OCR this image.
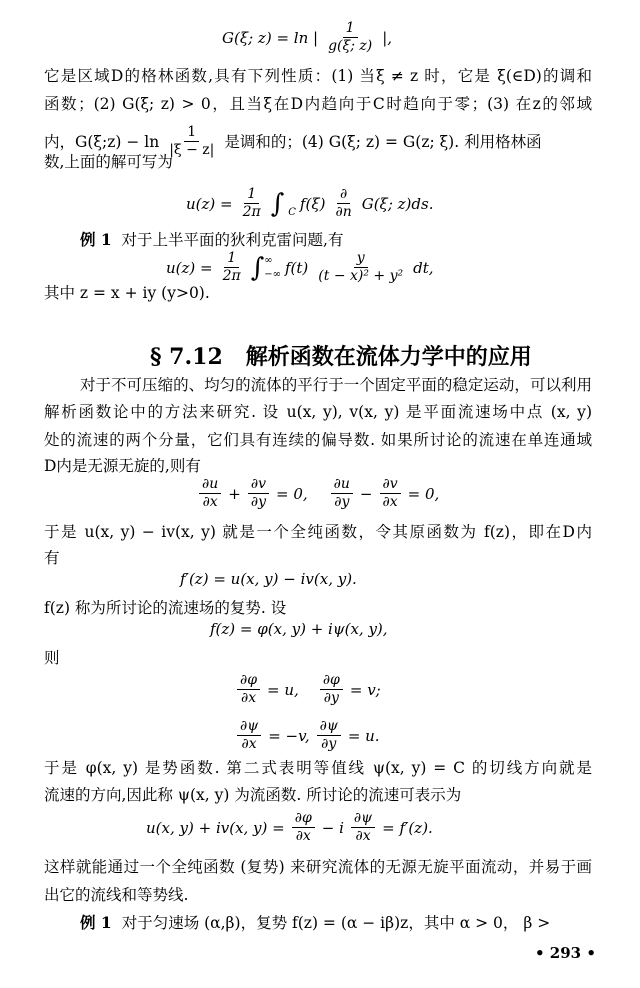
G(ξ; z) = ln | $\frac{1}{g(\xi; z)}$ |,
它是区域D的格林函数,具有下列性质：(1) 当ξ ≠ z 时，它是 ξ(∈D)的调和
函数；(2) G(ξ; z) > 0，且当ξ在D内趋向于C时趋向于零；(3) 在z的邻域
内，G(ξ;z) − $\ln \frac{1}{|\xi - z|}$ 是调和的；(4) G(ξ; z) = G(z; ξ). 利用格林函
数,上面的解可写为
$u(z) = \frac{1}{2\pi}$ ∫ $_C$ $f(\xi) \frac{\partial}{\partial n} G(\xi$; z)ds.
例 1 对于上半平面的狄利克雷问题,有
$u(z) = \frac{1}{2\pi}$ ∫ ∞
−∞ $f(t) \frac{y}{\text{(t − x)² + y²}}$ dt,
其中 z = x + iy (y>0).
§ 7.12 解析函数在流体力学中的应用
对于不可压缩的、均匀的流体的平行于一个固定平面的稳定运动，可以利用
解析函数论中的方法来研究. 设 u(x, y), v(x, y) 是平面流速场中点 (x, y)
处的流速的两个分量，它们具有连续的偏导数. 如果所讨论的流速在单连通域
D内是无源无旋的,则有
$\frac{\partial u}{\partial x} + \frac{\partial v}{\partial y} = 0$, $\frac{\partial u}{\partial y} - \frac{\partial v}{\partial x} = 0$,
于是 u(x, y) − iv(x, y) 就是一个全纯函数，令其原函数为 f(z)，即在D内
有
f′(z) = u(x, y) − iv(x, y).
f(z) 称为所讨论的流速场的复势. 设
f(z) = φ(x, y) + iψ(x, y),
则
$\frac{\partial\varphi}{\partial x} = u$, $\frac{\partial\varphi}{\partial y} = v$;
$\frac{\partial\psi}{\partial x} = -v$, $\frac{\partial\psi}{\partial y} = u$.
于是 φ(x, y) 是势函数. 第二式表明等值线 ψ(x, y) = C 的切线方向就是
流速的方向,因此称 ψ(x, y) 为流函数. 所讨论的流速可表示为
u(x, y) + iv(x, $y) = \frac{\partial\varphi}{\partial x} - i \frac{\partial\psi}{\partial x} = f'(z)$.
这样就能通过一个全纯函数 (复势) 来研究流体的无源无旋平面流动，并易于画
出它的流线和等势线.
例 1 对于匀速场 (α,β)，复势 f(z) = (α − iβ)z，其中 α > 0， β >
• 293 •
